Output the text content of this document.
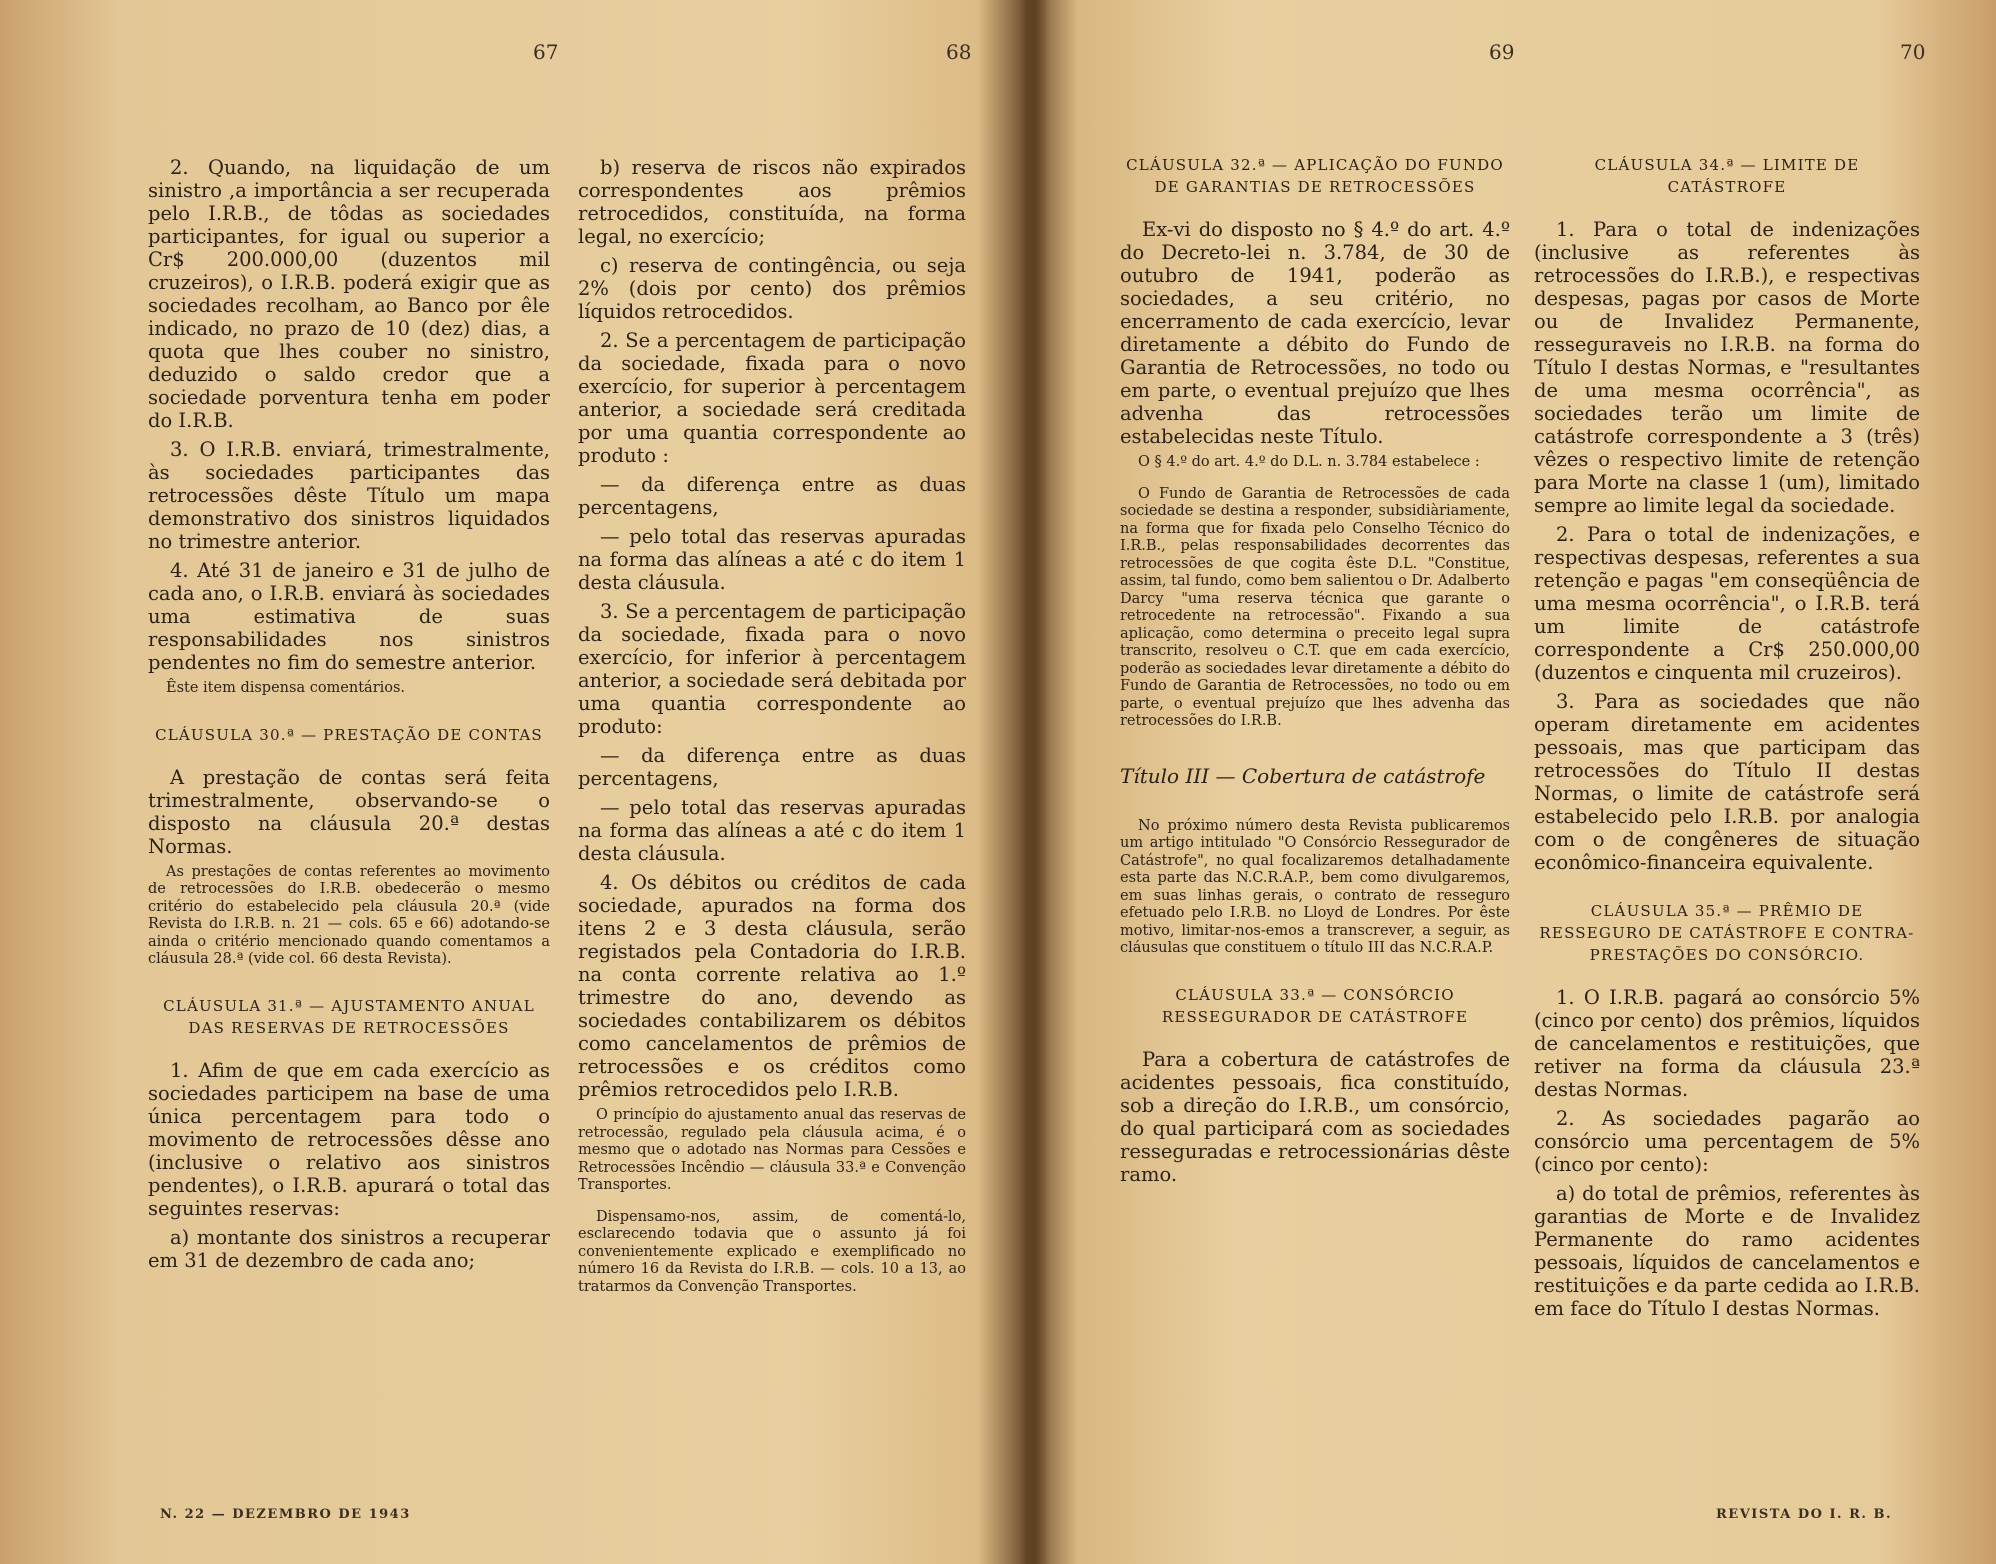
67	68	69	70

2. Quando, na liquidação de um sinistro ,a importância a ser recuperada pelo I.R.B., de tôdas as sociedades participantes, for igual ou superior a Cr$ 200.000,00 (duzentos mil cruzeiros), o I.R.B. poderá exigir que as sociedades recolham, ao Banco por êle indicado, no prazo de 10 (dez) dias, a quota que lhes couber no sinistro, deduzido o saldo credor que a sociedade porventura tenha em poder do I.R.B.

3. O I.R.B. enviará, trimestralmente, às sociedades participantes das retrocessões dêste Título um mapa demonstrativo dos sinistros liquidados no trimestre anterior.

4. Até 31 de janeiro e 31 de julho de cada ano, o I.R.B. enviará às sociedades uma estimativa de suas responsabilidades nos sinistros pendentes no fim do semestre anterior.

Êste item dispensa comentários.

CLÁUSULA 30.ª — PRESTAÇÃO DE CONTAS

A prestação de contas será feita trimestralmente, observando-se o disposto na cláusula 20.ª destas Normas.

As prestações de contas referentes ao movimento de retrocessões do I.R.B. obedecerão o mesmo critério do estabelecido pela cláusula 20.ª (vide Revista do I.R.B. n. 21 — cols. 65 e 66) adotando-se ainda o critério mencionado quando comentamos a cláusula 28.ª (vide col. 66 desta Revista).

CLÁUSULA 31.ª — AJUSTAMENTO ANUAL DAS RESERVAS DE RETROCESSÕES

1. Afim de que em cada exercício as sociedades participem na base de uma única percentagem para todo o movimento de retrocessões dêsse ano (inclusive o relativo aos sinistros pendentes), o I.R.B. apurará o total das seguintes reservas:

a) montante dos sinistros a recuperar em 31 de dezembro de cada ano;

b) reserva de riscos não expirados correspondentes aos prêmios retrocedidos, constituída, na forma legal, no exercício;

c) reserva de contingência, ou seja 2% (dois por cento) dos prêmios líquidos retrocedidos.

2. Se a percentagem de participação da sociedade, fixada para o novo exercício, for superior à percentagem anterior, a sociedade será creditada por uma quantia correspondente ao produto :

— da diferença entre as duas percentagens,

— pelo total das reservas apuradas na forma das alíneas a até c do item 1 desta cláusula.

3. Se a percentagem de participação da sociedade, fixada para o novo exercício, for inferior à percentagem anterior, a sociedade será debitada por uma quantia correspondente ao produto:

— da diferença entre as duas percentagens,

— pelo total das reservas apuradas na forma das alíneas a até c do item 1 desta cláusula.

4. Os débitos ou créditos de cada sociedade, apurados na forma dos itens 2 e 3 desta cláusula, serão registados pela Contadoria do I.R.B. na conta corrente relativa ao 1.º trimestre do ano, devendo as sociedades contabilizarem os débitos como cancelamentos de prêmios de retrocessões e os créditos como prêmios retrocedidos pelo I.R.B.

O princípio do ajustamento anual das reservas de retrocessão, regulado pela cláusula acima, é o mesmo que o adotado nas Normas para Cessões e Retrocessões Incêndio — cláusula 33.ª e Convenção Transportes.

Dispensamo-nos, assim, de comentá-lo, esclarecendo todavia que o assunto já foi convenientemente explicado e exemplificado no número 16 da Revista do I.R.B. — cols. 10 a 13, ao tratarmos da Convenção Transportes.

CLÁUSULA 32.ª — APLICAÇÃO DO FUNDO DE GARANTIAS DE RETROCESSÕES

Ex-vi do disposto no § 4.º do art. 4.º do Decreto-lei n. 3.784, de 30 de outubro de 1941, poderão as sociedades, a seu critério, no encerramento de cada exercício, levar diretamente a débito do Fundo de Garantia de Retrocessões, no todo ou em parte, o eventual prejuízo que lhes advenha das retrocessões estabelecidas neste Título.

O § 4.º do art. 4.º do D.L. n. 3.784 estabelece :

O Fundo de Garantia de Retrocessões de cada sociedade se destina a responder, subsidiàriamente, na forma que for fixada pelo Conselho Técnico do I.R.B., pelas responsabilidades decorrentes das retrocessões de que cogita êste D.L. "Constitue, assim, tal fundo, como bem salientou o Dr. Adalberto Darcy "uma reserva técnica que garante o retrocedente na retrocessão". Fixando a sua aplicação, como determina o preceito legal supra transcrito, resolveu o C.T. que em cada exercício, poderão as sociedades levar diretamente a débito do Fundo de Garantia de Retrocessões, no todo ou em parte, o eventual prejuízo que lhes advenha das retrocessões do I.R.B.

Título III — Cobertura de catástrofe

No próximo número desta Revista publicaremos um artigo intitulado "O Consórcio Ressegurador de Catástrofe", no qual focalizaremos detalhadamente esta parte das N.C.R.A.P., bem como divulgaremos, em suas linhas gerais, o contrato de resseguro efetuado pelo I.R.B. no Lloyd de Londres. Por êste motivo, limitar-nos-emos a transcrever, a seguir, as cláusulas que constituem o título III das N.C.R.A.P.

CLÁUSULA 33.ª — CONSÓRCIO RESSEGURADOR DE CATÁSTROFE

Para a cobertura de catástrofes de acidentes pessoais, fica constituído, sob a direção do I.R.B., um consórcio, do qual participará com as sociedades resseguradas e retrocessionárias dêste ramo.

CLÁUSULA 34.ª — LIMITE DE CATÁSTROFE

1. Para o total de indenizações (inclusive as referentes às retrocessões do I.R.B.), e respectivas despesas, pagas por casos de Morte ou de Invalidez Permanente, resseguraveis no I.R.B. na forma do Título I destas Normas, e "resultantes de uma mesma ocorrência", as sociedades terão um limite de catástrofe correspondente a 3 (três) vêzes o respectivo limite de retenção para Morte na classe 1 (um), limitado sempre ao limite legal da sociedade.

2. Para o total de indenizações, e respectivas despesas, referentes a sua retenção e pagas "em conseqüência de uma mesma ocorrência", o I.R.B. terá um limite de catástrofe correspondente a Cr$ 250.000,00 (duzentos e cinquenta mil cruzeiros).

3. Para as sociedades que não operam diretamente em acidentes pessoais, mas que participam das retrocessões do Título II destas Normas, o limite de catástrofe será estabelecido pelo I.R.B. por analogia com o de congêneres de situação econômico-financeira equivalente.

CLÁUSULA 35.ª — PRÊMIO DE RESSEGURO DE CATÁSTROFE E CONTRA-PRESTAÇÕES DO CONSÓRCIO.

1. O I.R.B. pagará ao consórcio 5% (cinco por cento) dos prêmios, líquidos de cancelamentos e restituições, que retiver na forma da cláusula 23.ª destas Normas.

2. As sociedades pagarão ao consórcio uma percentagem de 5% (cinco por cento):

a) do total de prêmios, referentes às garantias de Morte e de Invalidez Permanente do ramo acidentes pessoais, líquidos de cancelamentos e restituições e da parte cedida ao I.R.B. em face do Título I destas Normas.

N. 22 — DEZEMBRO DE 1943	REVISTA DO I. R. B.
